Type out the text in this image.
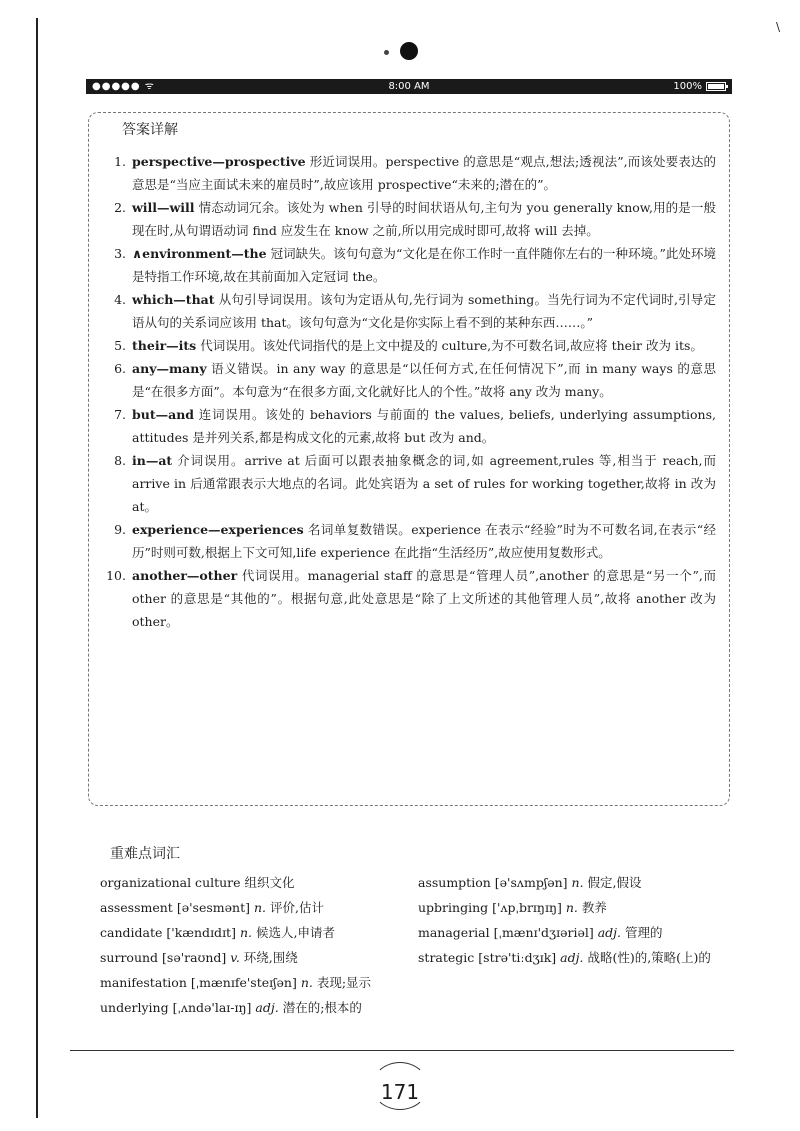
\
●●●●● ᯤ	8:00 AM	100%
答案详解
1. perspective—prospective 形近词误用。perspective 的意思是“观点,想法;透视法”,而该处要表达的意思是“当应主面试未来的雇员时”,故应该用 prospective“未来的;潜在的”。
2. will—will 情态动词冗余。该处为 when 引导的时间状语从句,主句为 you generally know,用的是一般现在时,从句谓语动词 find 应发生在 know 之前,所以用完成时即可,故将 will 去掉。
3. ∧environment—the 冠词缺失。该句句意为“文化是在你工作时一直伴随你左右的一种环境。”此处环境是特指工作环境,故在其前面加入定冠词 the。
4. which—that 从句引导词误用。该句为定语从句,先行词为 something。当先行词为不定代词时,引导定语从句的关系词应该用 that。该句句意为“文化是你实际上看不到的某种东西……。”
5. their—its 代词误用。该处代词指代的是上文中提及的 culture,为不可数名词,故应将 their 改为 its。
6. any—many 语义错误。in any way 的意思是“以任何方式,在任何情况下”,而 in many ways 的意思是“在很多方面”。本句意为“在很多方面,文化就好比人的个性。”故将 any 改为 many。
7. but—and 连词误用。该处的 behaviors 与前面的 the values, beliefs, underlying assumptions, attitudes 是并列关系,都是构成文化的元素,故将 but 改为 and。
8. in—at 介词误用。arrive at 后面可以跟表抽象概念的词,如 agreement,rules 等,相当于 reach,而 arrive in 后通常跟表示大地点的名词。此处宾语为 a set of rules for working together,故将 in 改为 at。
9. experience—experiences 名词单复数错误。experience 在表示“经验”时为不可数名词,在表示“经历”时则可数,根据上下文可知,life experience 在此指“生活经历”,故应使用复数形式。
10. another—other 代词误用。managerial staff 的意思是“管理人员”,another 的意思是“另一个”,而 other 的意思是“其他的”。根据句意,此处意思是“除了上文所述的其他管理人员”,故将 another 改为 other。
重难点词汇
organizational culture 组织文化
assessment [ə'sesmənt] n. 评价,估计
candidate ['kændɪdɪt] n. 候选人,申请者
surround [sə'raʊnd] v. 环绕,围绕
manifestation [ˌmænɪfe'steɪʃən] n. 表现;显示
underlying [ˌʌndə'laɪ-ɪŋ] adj. 潜在的;根本的
assumption [ə'sʌmpʃən] n. 假定,假设
upbringing ['ʌpˌbrɪŋɪŋ] n. 教养
managerial [ˌmænɪ'dʒɪəriəl] adj. 管理的
strategic [strə'tiːdʒɪk] adj. 战略(性)的,策略(上)的
171
